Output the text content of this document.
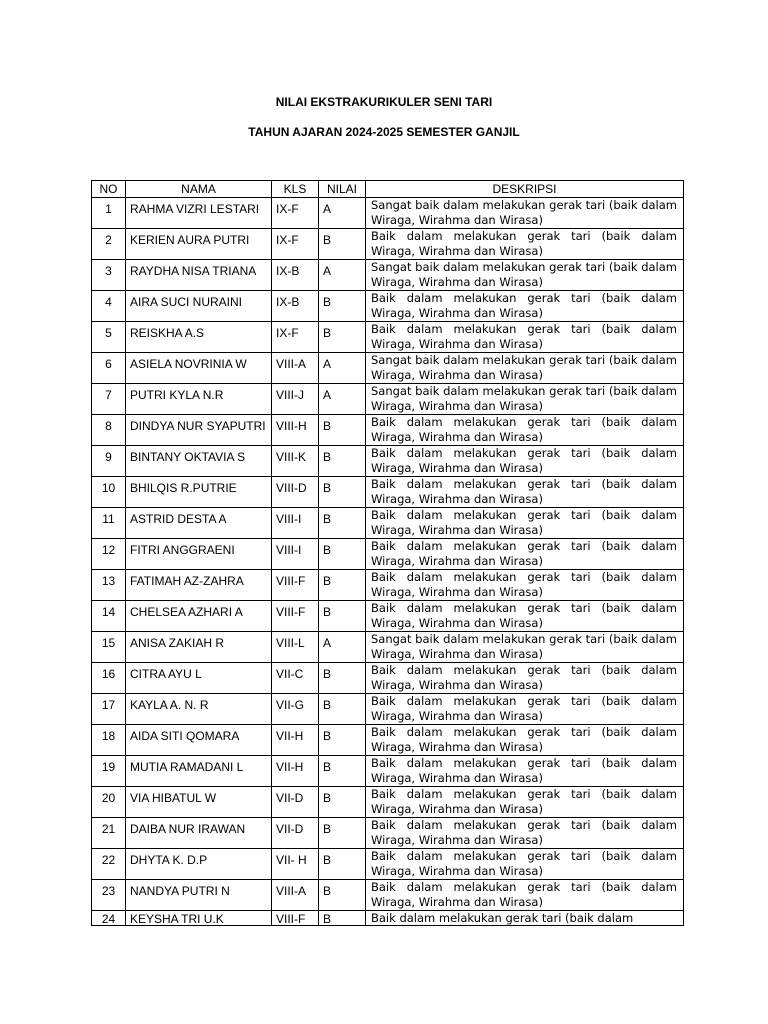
NILAI EKSTRAKURIKULER SENI TARI
TAHUN AJARAN 2024-2025 SEMESTER GANJIL
NO	NAMA	KLS	NILAI	DESKRIPSI
1	RAHMA VIZRI LESTARI	IX-F	A	Sangat baik dalam melakukan gerak tari (baik dalam Wiraga, Wirahma dan Wirasa)
2	KERIEN AURA PUTRI	IX-F	B	Baik dalam melakukan gerak tari (baik dalam Wiraga, Wirahma dan Wirasa)
3	RAYDHA NISA TRIANA	IX-B	A	Sangat baik dalam melakukan gerak tari (baik dalam Wiraga, Wirahma dan Wirasa)
4	AIRA SUCI NURAINI	IX-B	B	Baik dalam melakukan gerak tari (baik dalam Wiraga, Wirahma dan Wirasa)
5	REISKHA A.S	IX-F	B	Baik dalam melakukan gerak tari (baik dalam Wiraga, Wirahma dan Wirasa)
6	ASIELA NOVRINIA W	VIII-A	A	Sangat baik dalam melakukan gerak tari (baik dalam Wiraga, Wirahma dan Wirasa)
7	PUTRI KYLA N.R	VIII-J	A	Sangat baik dalam melakukan gerak tari (baik dalam Wiraga, Wirahma dan Wirasa)
8	DINDYA NUR SYAPUTRI	VIII-H	B	Baik dalam melakukan gerak tari (baik dalam Wiraga, Wirahma dan Wirasa)
9	BINTANY OKTAVIA S	VIII-K	B	Baik dalam melakukan gerak tari (baik dalam Wiraga, Wirahma dan Wirasa)
10	BHILQIS R.PUTRIE	VIII-D	B	Baik dalam melakukan gerak tari (baik dalam Wiraga, Wirahma dan Wirasa)
11	ASTRID DESTA A	VIII-I	B	Baik dalam melakukan gerak tari (baik dalam Wiraga, Wirahma dan Wirasa)
12	FITRI ANGGRAENI	VIII-I	B	Baik dalam melakukan gerak tari (baik dalam Wiraga, Wirahma dan Wirasa)
13	FATIMAH AZ-ZAHRA	VIII-F	B	Baik dalam melakukan gerak tari (baik dalam Wiraga, Wirahma dan Wirasa)
14	CHELSEA AZHARI A	VIII-F	B	Baik dalam melakukan gerak tari (baik dalam Wiraga, Wirahma dan Wirasa)
15	ANISA ZAKIAH R	VIII-L	A	Sangat baik dalam melakukan gerak tari (baik dalam Wiraga, Wirahma dan Wirasa)
16	CITRA AYU L	VII-C	B	Baik dalam melakukan gerak tari (baik dalam Wiraga, Wirahma dan Wirasa)
17	KAYLA A. N. R	VII-G	B	Baik dalam melakukan gerak tari (baik dalam Wiraga, Wirahma dan Wirasa)
18	AIDA SITI QOMARA	VII-H	B	Baik dalam melakukan gerak tari (baik dalam Wiraga, Wirahma dan Wirasa)
19	MUTIA RAMADANI L	VII-H	B	Baik dalam melakukan gerak tari (baik dalam Wiraga, Wirahma dan Wirasa)
20	VIA HIBATUL W	VII-D	B	Baik dalam melakukan gerak tari (baik dalam Wiraga, Wirahma dan Wirasa)
21	DAIBA NUR IRAWAN	VII-D	B	Baik dalam melakukan gerak tari (baik dalam Wiraga, Wirahma dan Wirasa)
22	DHYTA K. D.P	VII- H	B	Baik dalam melakukan gerak tari (baik dalam Wiraga, Wirahma dan Wirasa)
23	NANDYA PUTRI N	VIII-A	B	Baik dalam melakukan gerak tari (baik dalam Wiraga, Wirahma dan Wirasa)
24	KEYSHA TRI U.K	VIII-F	B	Baik dalam melakukan gerak tari (baik dalam
